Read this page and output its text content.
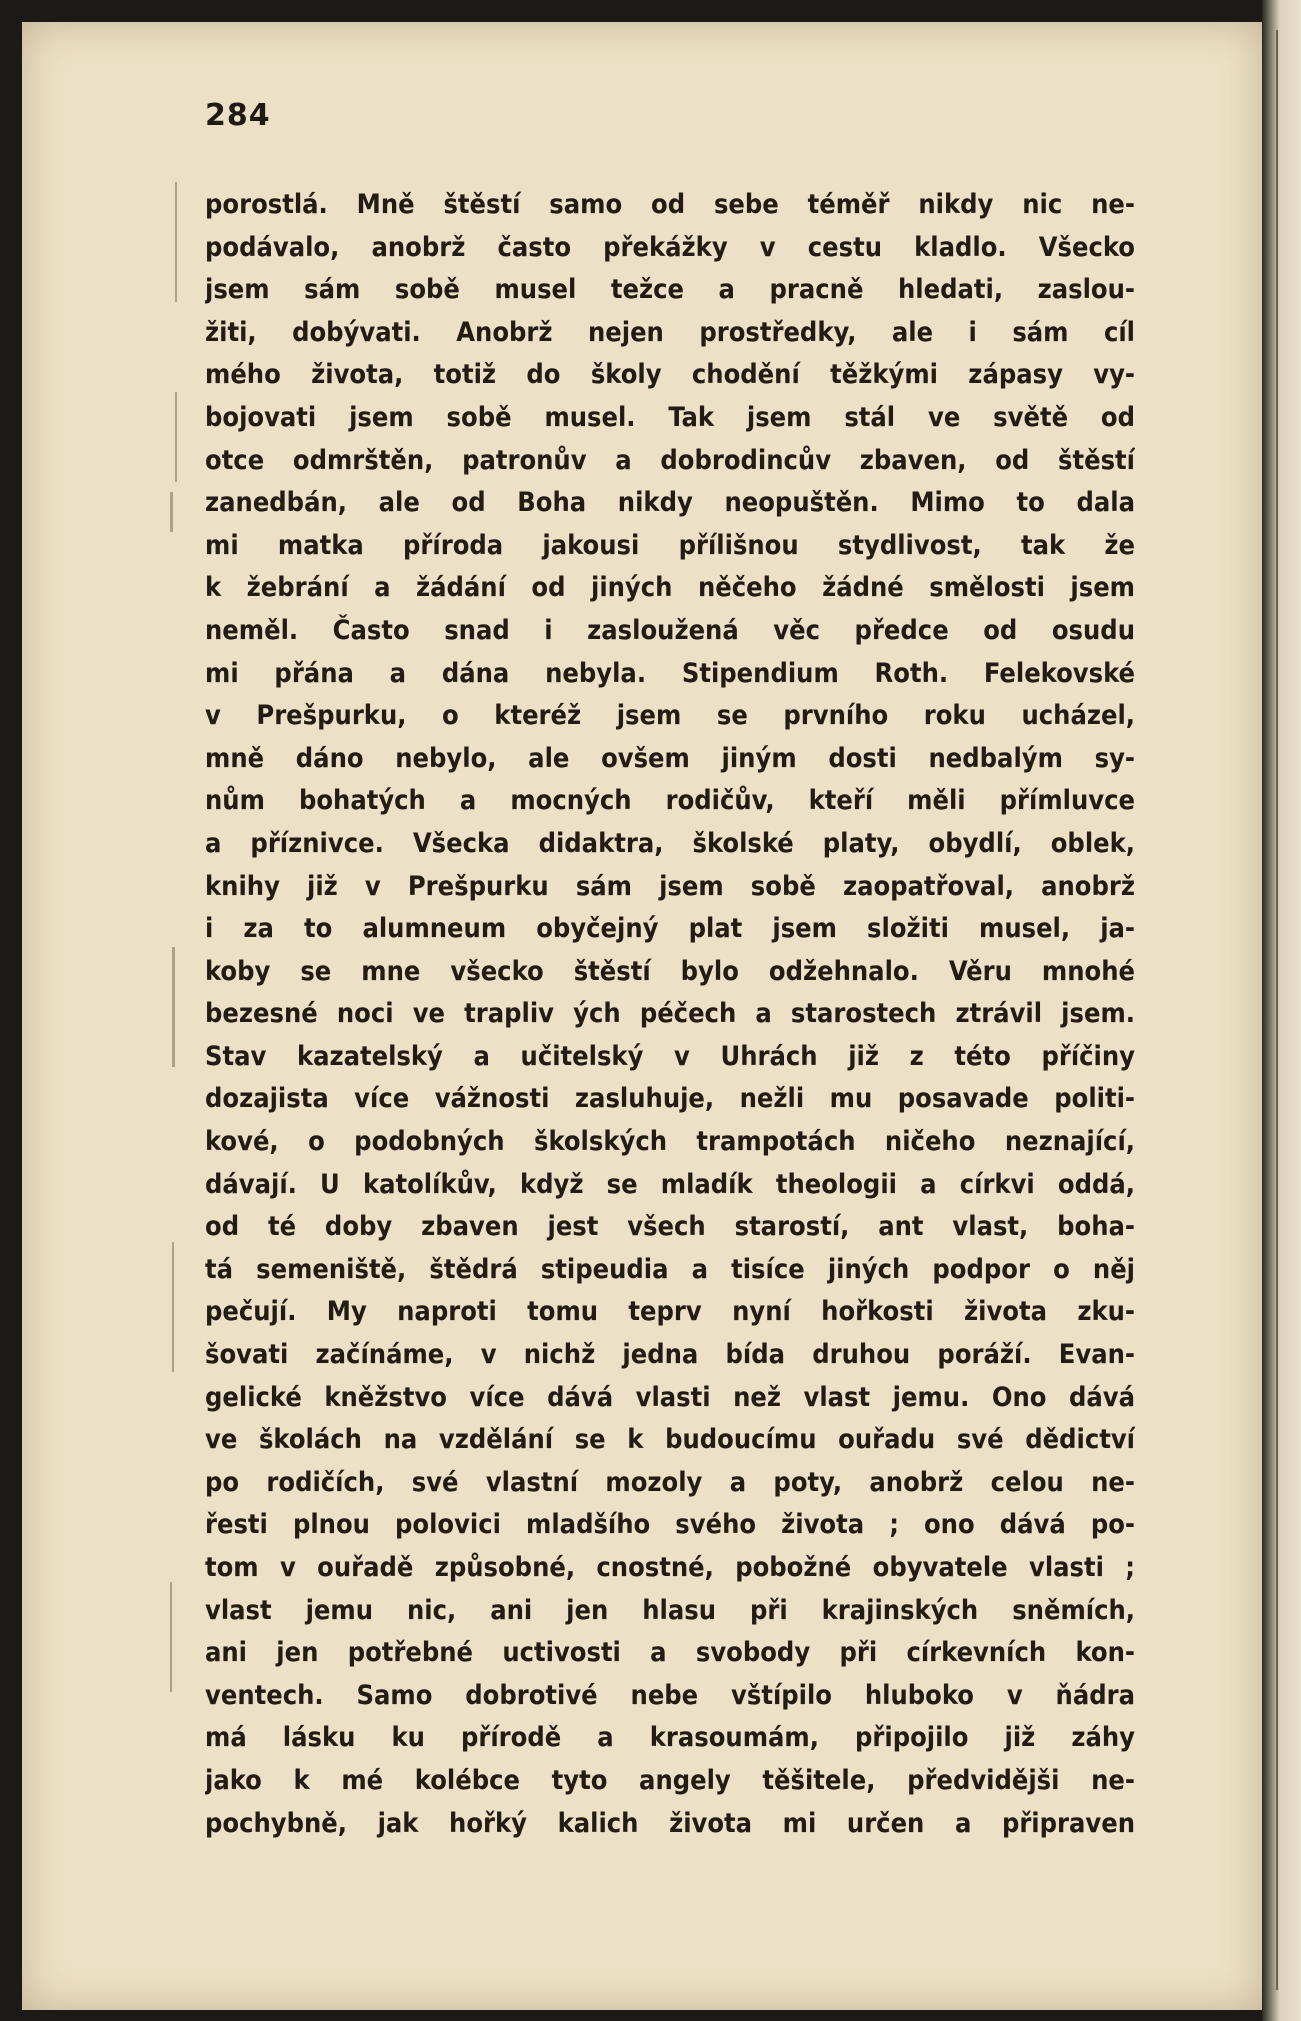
284
porostlá. Mně štěstí samo od sebe téměř nikdy nic ne-
podávalo, anobrž často překážky v cestu kladlo. Všecko
jsem sám sobě musel težce a pracně hledati, zaslou-
žiti, dobývati. Anobrž nejen prostředky, ale i sám cíl
mého života, totiž do školy chodění těžkými zápasy vy-
bojovati jsem sobě musel. Tak jsem stál ve světě od
otce odmrštěn, patronův a dobrodincův zbaven, od štěstí
zanedbán, ale od Boha nikdy neopuštěn. Mimo to dala
mi matka příroda jakousi přílišnou stydlivost, tak že
k žebrání a žádání od jiných něčeho žádné smělosti jsem
neměl. Často snad i zasloužená věc předce od osudu
mi přána a dána nebyla. Stipendium Roth. Felekovské
v Prešpurku, o kteréž jsem se prvního roku ucházel,
mně dáno nebylo, ale ovšem jiným dosti nedbalým sy-
nům bohatých a mocných rodičův, kteří měli přímluvce
a příznivce. Všecka didaktra, školské platy, obydlí, oblek,
knihy již v Prešpurku sám jsem sobě zaopatřoval, anobrž
i za to alumneum obyčejný plat jsem složiti musel, ja-
koby se mne všecko štěstí bylo odžehnalo. Věru mnohé
bezesné noci ve trapliv ých péčech a starostech ztrávil jsem.
Stav kazatelský a učitelský v Uhrách již z této příčiny
dozajista více vážnosti zasluhuje, nežli mu posavade politi-
kové, o podobných školských trampotách ničeho neznající,
dávají. U katolíkův, když se mladík theologii a církvi oddá,
od té doby zbaven jest všech starostí, ant vlast, boha-
tá semeniště, štědrá stipeudia a tisíce jiných podpor o něj
pečují. My naproti tomu teprv nyní hořkosti života zku-
šovati začínáme, v nichž jedna bída druhou poráží. Evan-
gelické kněžstvo více dává vlasti než vlast jemu. Ono dává
ve školách na vzdělání se k budoucímu ouřadu své dědictví
po rodičích, své vlastní mozoly a poty, anobrž celou ne-
řesti plnou polovici mladšího svého života ; ono dává po-
tom v ouřadě způsobné, cnostné, pobožné obyvatele vlasti ;
vlast jemu nic, ani jen hlasu při krajinských sněmích,
ani jen potřebné uctivosti a svobody při církevních kon-
ventech. Samo dobrotivé nebe vštípilo hluboko v ňádra
má lásku ku přírodě a krasoumám, připojilo již záhy
jako k mé kolébce tyto angely těšitele, předvidějši ne-
pochybně, jak hořký kalich života mi určen a připraven
